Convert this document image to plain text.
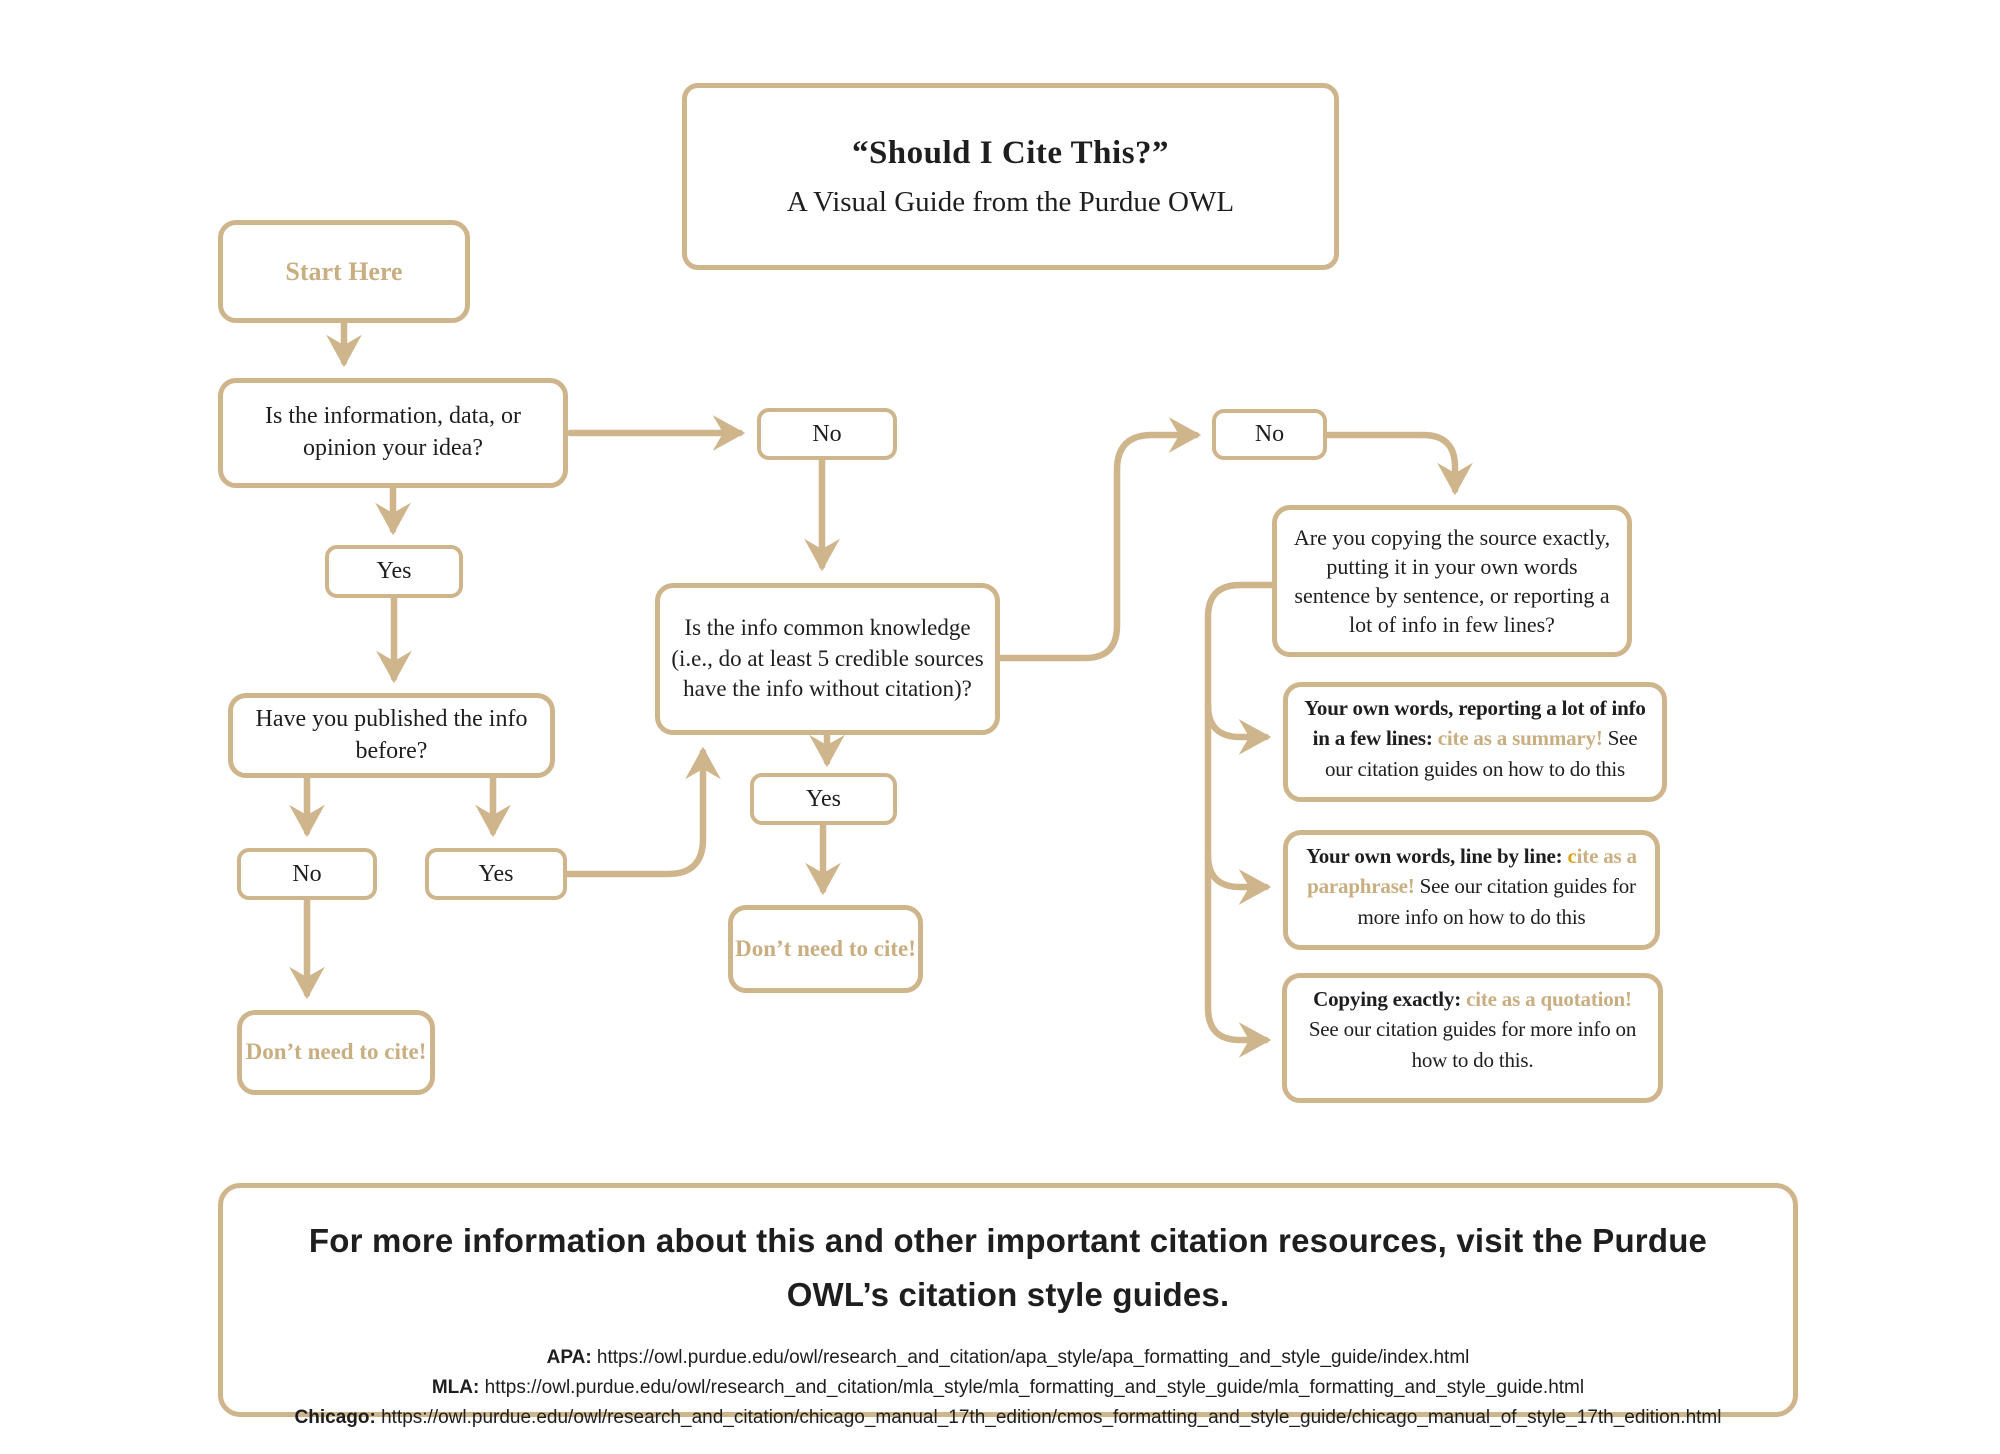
“Should I Cite This?”
A Visual Guide from the Purdue OWL
Start Here
Is the information, data, or opinion your idea?
Yes
Have you published the info before?
No	Yes
Don’t need to cite!
No
Is the info common knowledge (i.e., do at least 5 credible sources have the info without citation)?
Yes
Don’t need to cite!
No
Are you copying the source exactly, putting it in your own words sentence by sentence, or reporting a lot of info in few lines?
Your own words, reporting a lot of info in a few lines: cite as a summary! See our citation guides on how to do this
Your own words, line by line: cite as a paraphrase! See our citation guides for more info on how to do this
Copying exactly: cite as a quotation! See our citation guides for more info on how to do this.
For more information about this and other important citation resources, visit the Purdue OWL’s citation style guides.
APA: https://owl.purdue.edu/owl/research_and_citation/apa_style/apa_formatting_and_style_guide/index.html
MLA: https://owl.purdue.edu/owl/research_and_citation/mla_style/mla_formatting_and_style_guide/mla_formatting_and_style_guide.html
Chicago: https://owl.purdue.edu/owl/research_and_citation/chicago_manual_17th_edition/cmos_formatting_and_style_guide/chicago_manual_of_style_17th_edition.html
